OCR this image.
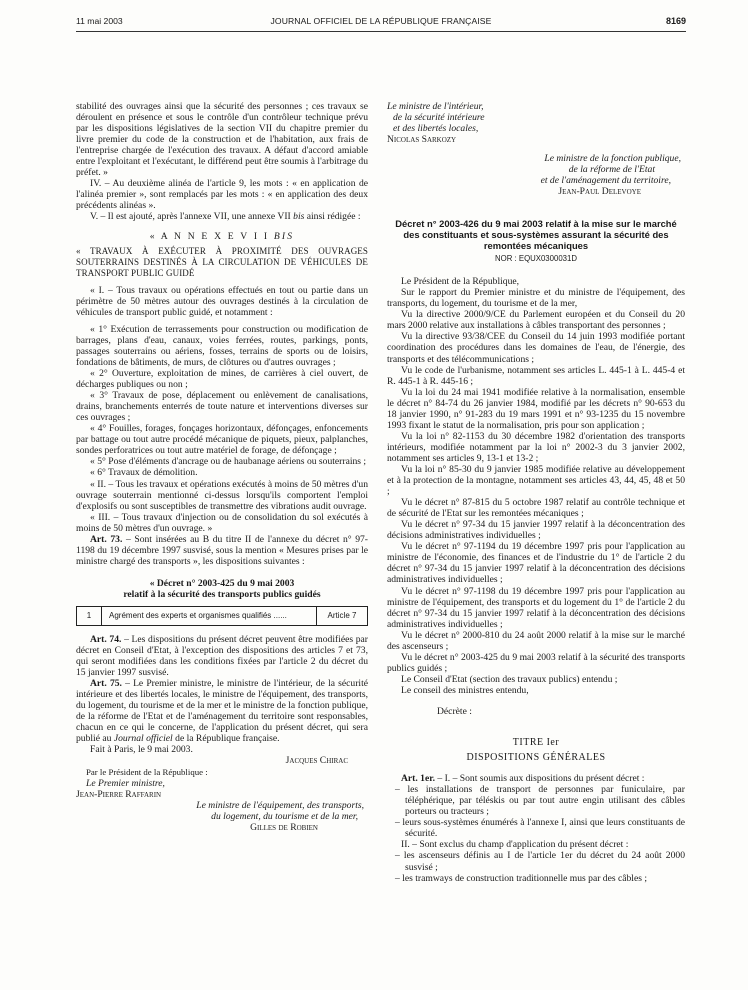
11 mai 2003	JOURNAL OFFICIEL DE LA RÉPUBLIQUE FRANÇAISE	8169

stabilité des ouvrages ainsi que la sécurité des personnes ; ces travaux se déroulent en présence et sous le contrôle d'un contrôleur technique prévu par les dispositions législatives de la section VII du chapitre premier du livre premier du code de la construction et de l'habitation, aux frais de l'entreprise chargée de l'exécution des travaux. A défaut d'accord amiable entre l'exploitant et l'exécutant, le différend peut être soumis à l'arbitrage du préfet. »

IV. – Au deuxième alinéa de l'article 9, les mots : « en application de l'alinéa premier », sont remplacés par les mots : « en application des deux précédents alinéas ».

V. – Il est ajouté, après l'annexe VII, une annexe VII bis ainsi rédigée :

« A N N E X E V I I BIS

« TRAVAUX À EXÉCUTER À PROXIMITÉ DES OUVRAGES SOUTERRAINS DESTINÉS À LA CIRCULATION DE VÉHICULES DE TRANSPORT PUBLIC GUIDÉ

« I. – Tous travaux ou opérations effectués en tout ou partie dans un périmètre de 50 mètres autour des ouvrages destinés à la circulation de véhicules de transport public guidé, et notamment :

« 1° Exécution de terrassements pour construction ou modification de barrages, plans d'eau, canaux, voies ferrées, routes, parkings, ponts, passages souterrains ou aériens, fosses, terrains de sports ou de loisirs, fondations de bâtiments, de murs, de clôtures ou d'autres ouvrages ;

« 2° Ouverture, exploitation de mines, de carrières à ciel ouvert, de décharges publiques ou non ;

« 3° Travaux de pose, déplacement ou enlèvement de canalisations, drains, branchements enterrés de toute nature et interventions diverses sur ces ouvrages ;

« 4° Fouilles, forages, fonçages horizontaux, défonçages, enfoncements par battage ou tout autre procédé mécanique de piquets, pieux, palplanches, sondes perforatrices ou tout autre matériel de forage, de défonçage ;

« 5° Pose d'éléments d'ancrage ou de haubanage aériens ou souterrains ;

« 6° Travaux de démolition.

« II. – Tous les travaux et opérations exécutés à moins de 50 mètres d'un ouvrage souterrain mentionné ci-dessus lorsqu'ils comportent l'emploi d'explosifs ou sont susceptibles de transmettre des vibrations audit ouvrage.

« III. – Tous travaux d'injection ou de consolidation du sol exécutés à moins de 50 mètres d'un ouvrage. »

Art. 73. – Sont insérées au B du titre II de l'annexe du décret n° 97-1198 du 19 décembre 1997 susvisé, sous la mention « Mesures prises par le ministre chargé des transports », les dispositions suivantes :

« Décret n° 2003-425 du 9 mai 2003

relatif à la sécurité des transports publics guidés

1	Agrément des experts et organismes qualifiés ......	Article 7

Art. 74. – Les dispositions du présent décret peuvent être modifiées par décret en Conseil d'Etat, à l'exception des dispositions des articles 7 et 73, qui seront modifiées dans les conditions fixées par l'article 2 du décret du 15 janvier 1997 susvisé.

Art. 75. – Le Premier ministre, le ministre de l'intérieur, de la sécurité intérieure et des libertés locales, le ministre de l'équipement, des transports, du logement, du tourisme et de la mer et le ministre de la fonction publique, de la réforme de l'Etat et de l'aménagement du territoire sont responsables, chacun en ce qui le concerne, de l'application du présent décret, qui sera publié au Journal officiel de la République française.

Fait à Paris, le 9 mai 2003.

Jacques Chirac

Par le Président de la République :

Le Premier ministre,

Jean-Pierre Raffarin

Le ministre de l'équipement, des transports,

du logement, du tourisme et de la mer,

Gilles de Robien

Le ministre de l'intérieur,

de la sécurité intérieure

et des libertés locales,

Nicolas Sarkozy

Le ministre de la fonction publique,

de la réforme de l'Etat

et de l'aménagement du territoire,

Jean-Paul Delevoye

Décret n° 2003-426 du 9 mai 2003 relatif à la mise sur le marché des constituants et sous-systèmes assurant la sécurité des remontées mécaniques

NOR : EQUX0300031D

Le Président de la République,

Sur le rapport du Premier ministre et du ministre de l'équipement, des transports, du logement, du tourisme et de la mer,

Vu la directive 2000/9/CE du Parlement européen et du Conseil du 20 mars 2000 relative aux installations à câbles transportant des personnes ;

Vu la directive 93/38/CEE du Conseil du 14 juin 1993 modifiée portant coordination des procédures dans les domaines de l'eau, de l'énergie, des transports et des télécommunications ;

Vu le code de l'urbanisme, notamment ses articles L. 445-1 à L. 445-4 et R. 445-1 à R. 445-16 ;

Vu la loi du 24 mai 1941 modifiée relative à la normalisation, ensemble le décret n° 84-74 du 26 janvier 1984, modifié par les décrets n° 90-653 du 18 janvier 1990, n° 91-283 du 19 mars 1991 et n° 93-1235 du 15 novembre 1993 fixant le statut de la normalisation, pris pour son application ;

Vu la loi n° 82-1153 du 30 décembre 1982 d'orientation des transports intérieurs, modifiée notamment par la loi n° 2002-3 du 3 janvier 2002, notamment ses articles 9, 13-1 et 13-2 ;

Vu la loi n° 85-30 du 9 janvier 1985 modifiée relative au développement et à la protection de la montagne, notamment ses articles 43, 44, 45, 48 et 50 ;

Vu le décret n° 87-815 du 5 octobre 1987 relatif au contrôle technique et de sécurité de l'Etat sur les remontées mécaniques ;

Vu le décret n° 97-34 du 15 janvier 1997 relatif à la déconcentration des décisions administratives individuelles ;

Vu le décret n° 97-1194 du 19 décembre 1997 pris pour l'application au ministre de l'économie, des finances et de l'industrie du 1° de l'article 2 du décret n° 97-34 du 15 janvier 1997 relatif à la déconcentration des décisions administratives individuelles ;

Vu le décret n° 97-1198 du 19 décembre 1997 pris pour l'application au ministre de l'équipement, des transports et du logement du 1° de l'article 2 du décret n° 97-34 du 15 janvier 1997 relatif à la déconcentration des décisions administratives individuelles ;

Vu le décret n° 2000-810 du 24 août 2000 relatif à la mise sur le marché des ascenseurs ;

Vu le décret n° 2003-425 du 9 mai 2003 relatif à la sécurité des transports publics guidés ;

Le Conseil d'Etat (section des travaux publics) entendu ;

Le conseil des ministres entendu,

Décrète :

TITRE Ier

DISPOSITIONS GÉNÉRALES

Art. 1er. – I. – Sont soumis aux dispositions du présent décret :

– les installations de transport de personnes par funiculaire, par téléphérique, par téléskis ou par tout autre engin utilisant des câbles porteurs ou tracteurs ;

– leurs sous-systèmes énumérés à l'annexe I, ainsi que leurs constituants de sécurité.

II. – Sont exclus du champ d'application du présent décret :

– les ascenseurs définis au I de l'article 1er du décret du 24 août 2000 susvisé ;

– les tramways de construction traditionnelle mus par des câbles ;
